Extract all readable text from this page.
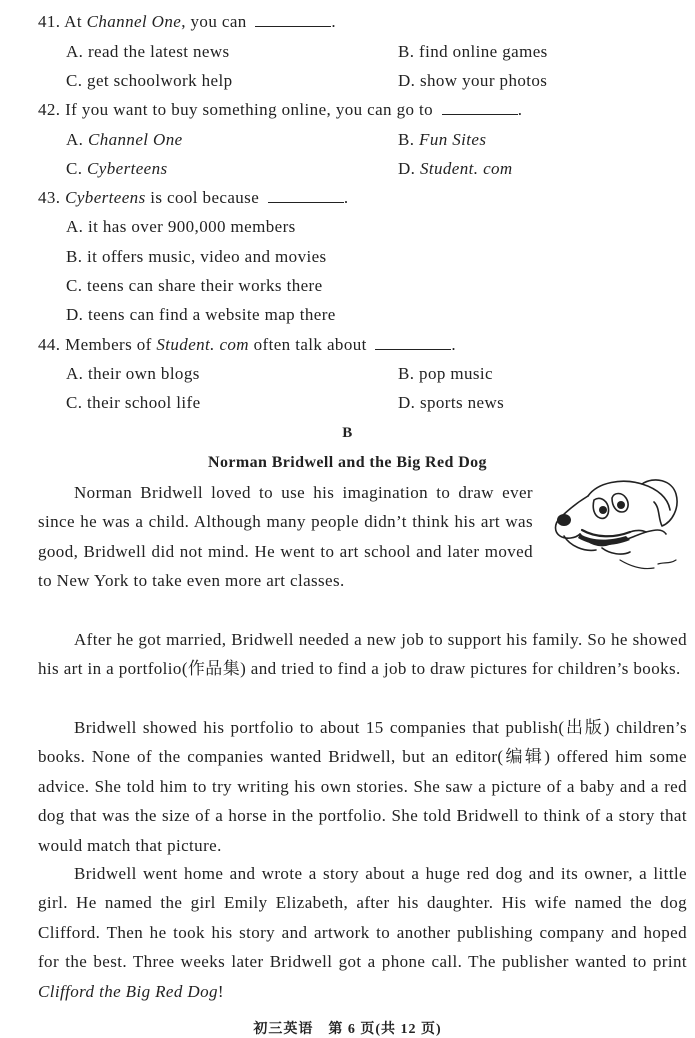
41. At Channel One, you can	.
A. read the latest news	B. find online games
C. get schoolwork help	D. show your photos
42. If you want to buy something online, you can go to	.
A. Channel One	B. Fun Sites
C. Cyberteens	D. Student. com
43. Cyberteens is cool because	.
A. it has over 900,000 members
B. it offers music, video and movies
C. teens can share their works there
D. teens can find a website map there
44. Members of Student. com often talk about	.
A. their own blogs	B. pop music
C. their school life	D. sports news
B
Norman Bridwell and the Big Red Dog

Norman Bridwell loved to use his imagination to draw ever since he was a child. Although many people didn’t think his art was good, Bridwell did not mind. He went to art school and later moved to New York to take even more art classes.

After he got married, Bridwell needed a new job to support his family. So he showed his art in a portfolio(作品集) and tried to find a job to draw pictures for children’s books.

Bridwell showed his portfolio to about 15 companies that publish(出版) children’s books. None of the companies wanted Bridwell, but an editor(编辑) offered him some advice. She told him to try writing his own stories. She saw a picture of a baby and a red dog that was the size of a horse in the portfolio. She told Bridwell to think of a story that would match that picture.

Bridwell went home and wrote a story about a huge red dog and its owner, a little girl. He named the girl Emily Elizabeth, after his daughter. His wife named the dog Clifford. Then he took his story and artwork to another publishing company and hoped for the best. Three weeks later Bridwell got a phone call. The publisher wanted to print Clifford the Big Red Dog!

初三英语　第 6 页(共 12 页)
